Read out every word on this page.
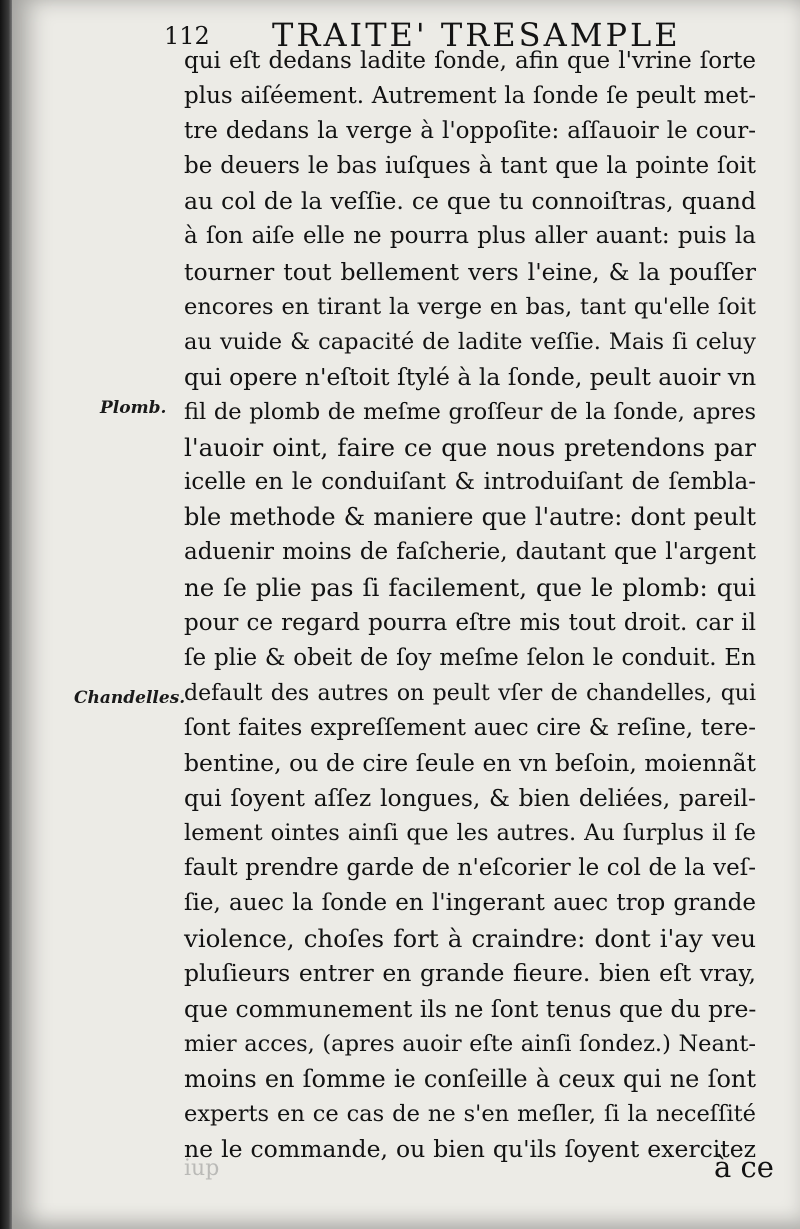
112 TRAITE' TRESAMPLE
Plomb.
Chandelles.
qui eſt dedans ladite ſonde, afin que l'vrine ſorte
plus aiſéement. Autrement la ſonde ſe peult met-
tre dedans la verge à l'oppoſite: aſſauoir le cour-
be deuers le bas iuſques à tant que la pointe ſoit
au col de la veſſie. ce que tu connoiſtras, quand
à ſon aiſe elle ne pourra plus aller auant: puis la
tourner tout bellement vers l'eine, & la pouſſer
encores en tirant la verge en bas, tant qu'elle ſoit
au vuide & capacité de ladite veſſie. Mais ſi celuy
qui opere n'eſtoit ſtylé à la ſonde, peult auoir vn
fil de plomb de meſme groſſeur de la ſonde, apres
l'auoir oint, faire ce que nous pretendons par
icelle en le conduiſant & introduiſant de ſembla-
ble methode & maniere que l'autre: dont peult
aduenir moins de faſcherie, dautant que l'argent
ne ſe plie pas ſi facilement, que le plomb: qui
pour ce regard pourra eſtre mis tout droit. car il
ſe plie & obeit de ſoy meſme ſelon le conduit. En
default des autres on peult vſer de chandelles, qui
ſont faites expreſſement auec cire & reſine, tere-
bentine, ou de cire ſeule en vn beſoin, moiennãt
qui ſoyent aſſez longues, & bien deliées, pareil-
lement ointes ainſi que les autres. Au ſurplus il ſe
fault prendre garde de n'eſcorier le col de la veſ-
ſie, auec la ſonde en l'ingerant auec trop grande
violence, choſes fort à craindre: dont i'ay veu
pluſieurs entrer en grande fieure. bien eſt vray,
que communement ils ne ſont tenus que du pre-
mier acces, (apres auoir eſte ainſi ſondez.) Neant-
moins en ſomme ie conſeille à ceux qui ne ſont
experts en ce cas de ne s'en meſler, ſi la neceſſité
ne le commande, ou bien qu'ils ſoyent exercitez
iup	à ce
